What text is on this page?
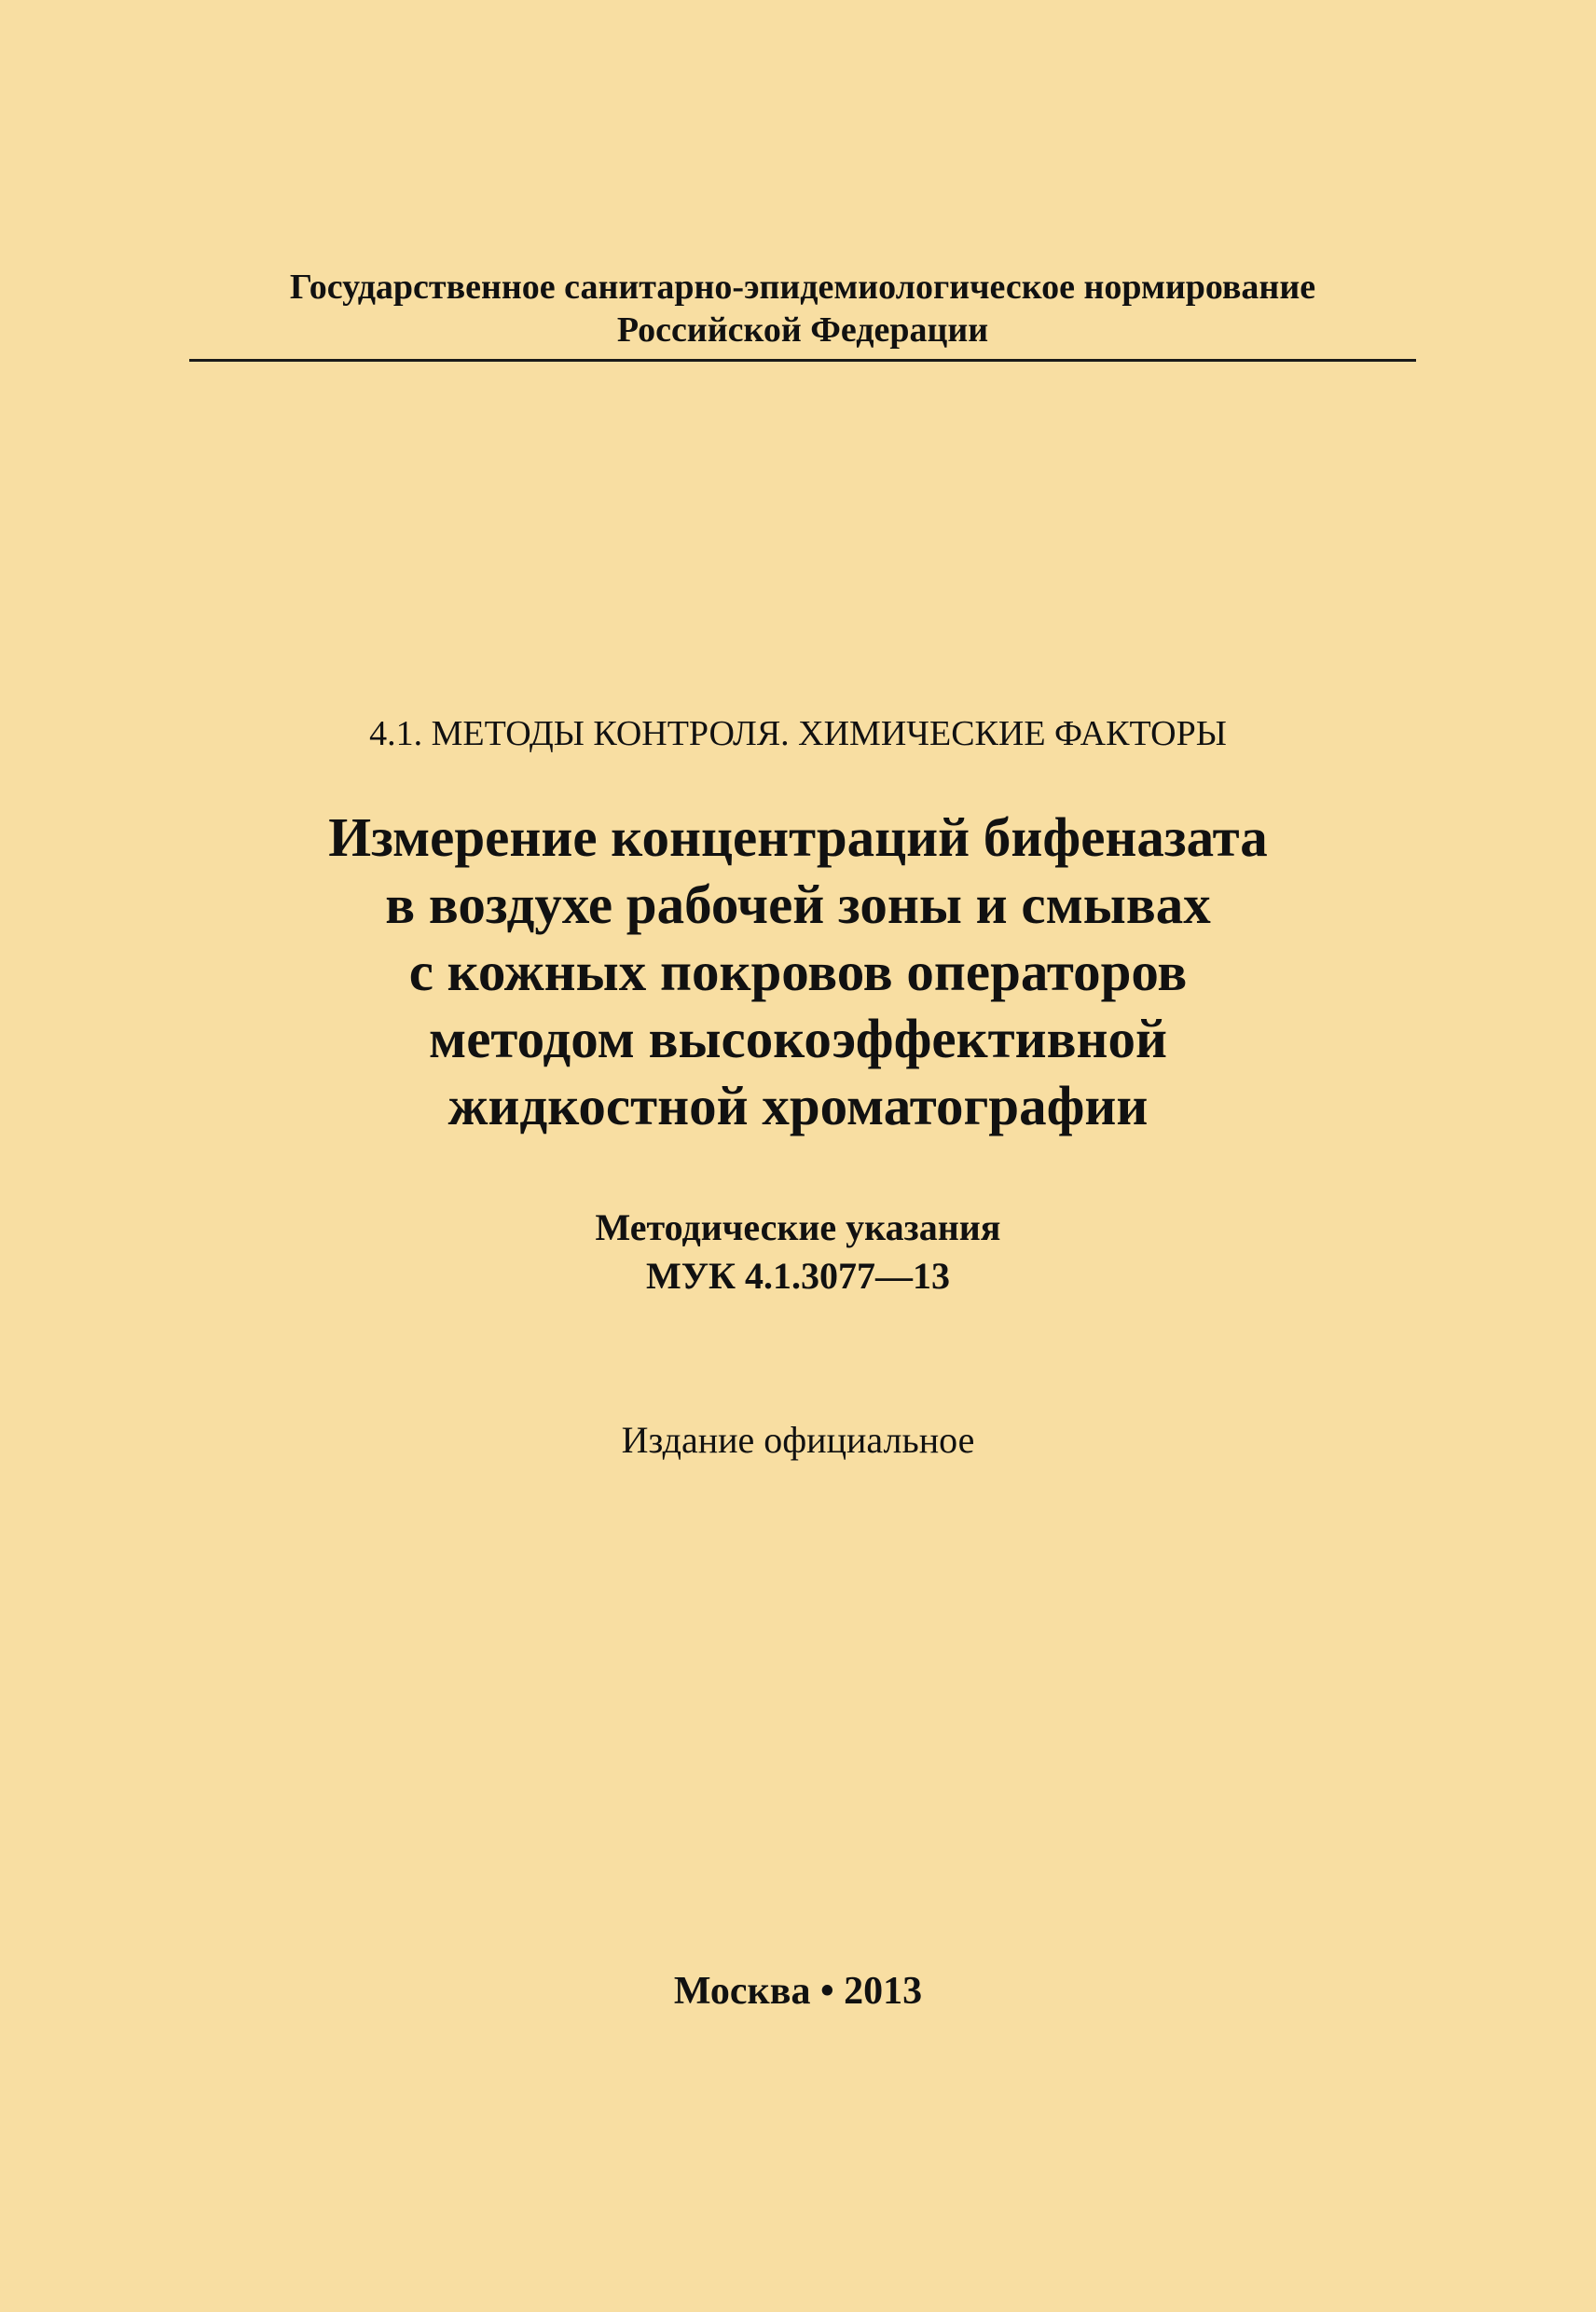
Государственное санитарно-эпидемиологическое нормирование
Российской Федерации
4.1. МЕТОДЫ КОНТРОЛЯ. ХИМИЧЕСКИЕ ФАКТОРЫ
Измерение концентраций бифеназата
в воздухе рабочей зоны и смывах
с кожных покровов операторов
методом высокоэффективной
жидкостной хроматографии
Методические указания
МУК 4.1.3077—13
Издание официальное
Москва • 2013
